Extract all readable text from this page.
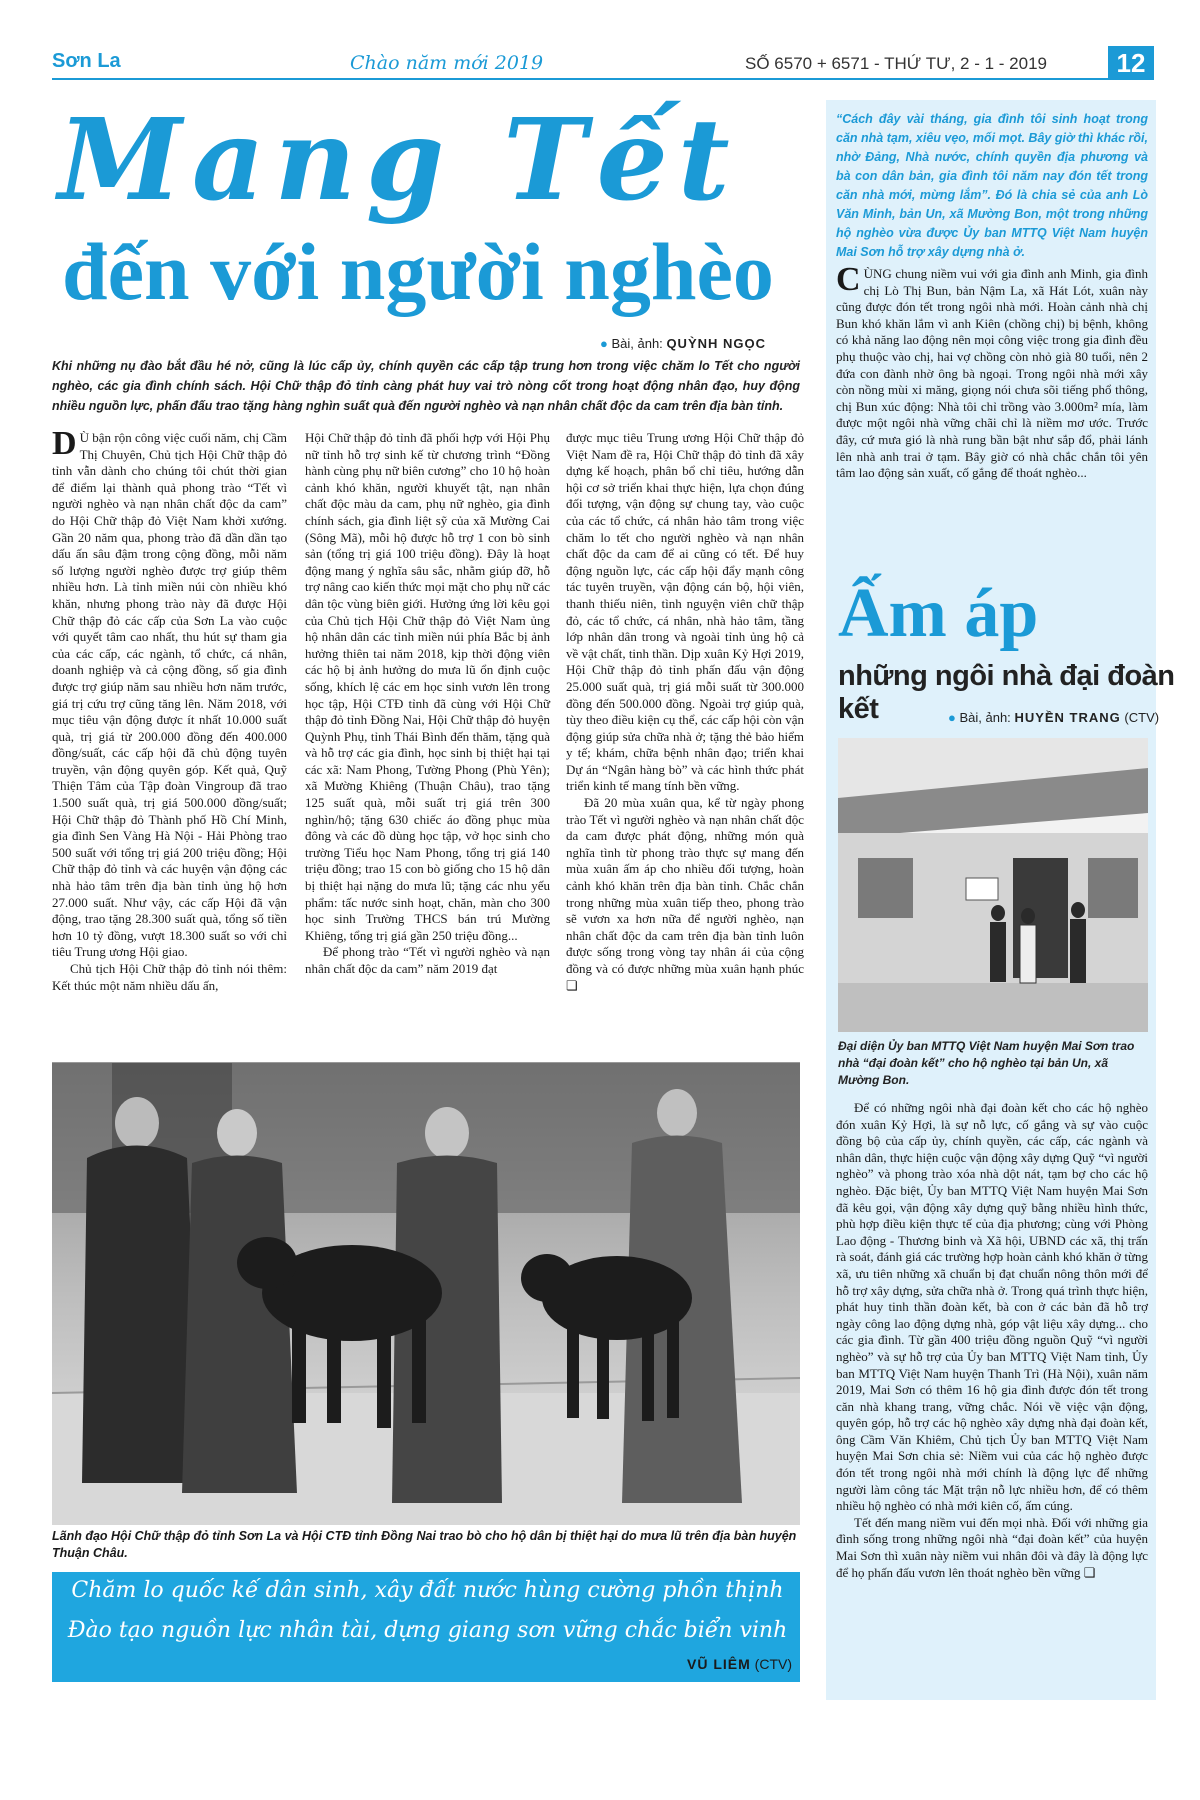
Sơn La	Chào năm mới 2019	SỐ 6570 + 6571 - THỨ TƯ, 2 - 1 - 2019	12
Mang Tết
đến với người nghèo
● Bài, ảnh: QUỲNH NGỌC
Khi những nụ đào bắt đầu hé nở, cũng là lúc cấp ủy, chính quyền các cấp tập trung hơn trong việc chăm lo Tết cho người nghèo, các gia đình chính sách. Hội Chữ thập đỏ tỉnh càng phát huy vai trò nòng cốt trong hoạt động nhân đạo, huy động nhiều nguồn lực, phấn đấu trao tặng hàng nghìn suất quà đến người nghèo và nạn nhân chất độc da cam trên địa bàn tỉnh.

D Ù bận rộn công việc cuối năm, chị Cầm Thị Chuyên, Chủ tịch Hội Chữ thập đỏ tỉnh vẫn dành cho chúng tôi chút thời gian để điểm lại thành quả phong trào “Tết vì người nghèo và nạn nhân chất độc da cam” do Hội Chữ thập đỏ Việt Nam khởi xướng. Gần 20 năm qua, phong trào đã dần dần tạo dấu ấn sâu đậm trong cộng đồng, mỗi năm số lượng người nghèo được trợ giúp thêm nhiều hơn. Là tỉnh miền núi còn nhiều khó khăn, nhưng phong trào này đã được Hội Chữ thập đỏ các cấp của Sơn La vào cuộc với quyết tâm cao nhất, thu hút sự tham gia của các cấp, các ngành, tổ chức, cá nhân, doanh nghiệp và cả cộng đồng, số gia đình được trợ giúp năm sau nhiều hơn năm trước, giá trị cứu trợ cũng tăng lên. Năm 2018, với mục tiêu vận động được ít nhất 10.000 suất quà, trị giá từ 200.000 đồng đến 400.000 đồng/suất, các cấp hội đã chủ động tuyên truyền, vận động quyên góp. Kết quả, Quỹ Thiện Tâm của Tập đoàn Vingroup đã trao 1.500 suất quà, trị giá 500.000 đồng/suất; Hội Chữ thập đỏ Thành phố Hồ Chí Minh, gia đình Sen Vàng Hà Nội - Hải Phòng trao 500 suất với tổng trị giá 200 triệu đồng; Hội Chữ thập đỏ tỉnh và các huyện vận động các nhà hảo tâm trên địa bàn tỉnh ủng hộ hơn 27.000 suất. Như vậy, các cấp Hội đã vận động, trao tặng 28.300 suất quà, tổng số tiền hơn 10 tỷ đồng, vượt 18.300 suất so với chỉ tiêu Trung ương Hội giao.

Chủ tịch Hội Chữ thập đỏ tỉnh nói thêm: Kết thúc một năm nhiều dấu ấn,

Hội Chữ thập đỏ tỉnh đã phối hợp với Hội Phụ nữ tỉnh hỗ trợ sinh kế từ chương trình “Đồng hành cùng phụ nữ biên cương” cho 10 hộ hoàn cảnh khó khăn, người khuyết tật, nạn nhân chất độc màu da cam, phụ nữ nghèo, gia đình chính sách, gia đình liệt sỹ của xã Mường Cai (Sông Mã), mỗi hộ được hỗ trợ 1 con bò sinh sản (tổng trị giá 100 triệu đồng). Đây là hoạt động mang ý nghĩa sâu sắc, nhằm giúp đỡ, hỗ trợ nâng cao kiến thức mọi mặt cho phụ nữ các dân tộc vùng biên giới. Hưởng ứng lời kêu gọi của Chủ tịch Hội Chữ thập đỏ Việt Nam ủng hộ nhân dân các tỉnh miền núi phía Bắc bị ảnh hưởng thiên tai năm 2018, kịp thời động viên các hộ bị ảnh hưởng do mưa lũ ổn định cuộc sống, khích lệ các em học sinh vươn lên trong học tập, Hội CTĐ tỉnh đã cùng với Hội Chữ thập đỏ tỉnh Đồng Nai, Hội Chữ thập đỏ huyện Quỳnh Phụ, tỉnh Thái Bình đến thăm, tặng quà và hỗ trợ các gia đình, học sinh bị thiệt hại tại các xã: Nam Phong, Tường Phong (Phù Yên); xã Mường Khiêng (Thuận Châu), trao tặng 125 suất quà, mỗi suất trị giá trên 300 nghìn/hộ; tặng 630 chiếc áo đồng phục mùa đông và các đồ dùng học tập, vở học sinh cho trường Tiểu học Nam Phong, tổng trị giá 140 triệu đồng; trao 15 con bò giống cho 15 hộ dân bị thiệt hại nặng do mưa lũ; tặng các nhu yếu phẩm: tấc nước sinh hoạt, chăn, màn cho 300 học sinh Trường THCS bán trú Mường Khiêng, tổng trị giá gần 250 triệu đồng...

Để phong trào “Tết vì người nghèo và nạn nhân chất độc da cam” năm 2019 đạt

được mục tiêu Trung ương Hội Chữ thập đỏ Việt Nam đề ra, Hội Chữ thập đỏ tỉnh đã xây dựng kế hoạch, phân bổ chỉ tiêu, hướng dẫn hội cơ sở triển khai thực hiện, lựa chọn đúng đối tượng, vận động sự chung tay, vào cuộc của các tổ chức, cá nhân hảo tâm trong việc chăm lo tết cho người nghèo và nạn nhân chất độc da cam để ai cũng có tết. Để huy động nguồn lực, các cấp hội đẩy mạnh công tác tuyên truyền, vận động cán bộ, hội viên, thanh thiếu niên, tình nguyện viên chữ thập đỏ, các tổ chức, cá nhân, nhà hảo tâm, tầng lớp nhân dân trong và ngoài tỉnh ủng hộ cả về vật chất, tinh thần. Dịp xuân Kỷ Hợi 2019, Hội Chữ thập đỏ tỉnh phấn đấu vận động 25.000 suất quà, trị giá mỗi suất từ 300.000 đồng đến 500.000 đồng. Ngoài trợ giúp quà, tùy theo điều kiện cụ thể, các cấp hội còn vận động giúp sửa chữa nhà ở; tặng thẻ bảo hiểm y tế; khám, chữa bệnh nhân đạo; triển khai Dự án “Ngân hàng bò” và các hình thức phát triển kinh tế mang tính bền vững.

Đã 20 mùa xuân qua, kể từ ngày phong trào Tết vì người nghèo và nạn nhân chất độc da cam được phát động, những món quà nghĩa tình từ phong trào thực sự mang đến mùa xuân ấm áp cho nhiều đối tượng, hoàn cảnh khó khăn trên địa bàn tỉnh. Chắc chắn trong những mùa xuân tiếp theo, phong trào sẽ vươn xa hơn nữa để người nghèo, nạn nhân chất độc da cam trên địa bàn tỉnh luôn được sống trong vòng tay nhân ái của cộng đồng và có được những mùa xuân hạnh phúc ❏

Lãnh đạo Hội Chữ thập đỏ tỉnh Sơn La và Hội CTĐ tỉnh Đồng Nai trao bò cho hộ dân bị thiệt hại do mưa lũ trên địa bàn huyện Thuận Châu.
Chăm lo quốc kế dân sinh, xây đất nước hùng cường phồn thịnh
Đào tạo nguồn lực nhân tài, dựng giang sơn vững chắc biển vinh
VŨ LIÊM (CTV)
“Cách đây vài tháng, gia đình tôi sinh hoạt trong căn nhà tạm, xiêu vẹo, mối mọt. Bây giờ thì khác rồi, nhờ Đảng, Nhà nước, chính quyền địa phương và bà con dân bản, gia đình tôi năm nay đón tết trong căn nhà mới, mừng lắm”. Đó là chia sẻ của anh Lò Văn Minh, bản Un, xã Mường Bon, một trong những hộ nghèo vừa được Ủy ban MTTQ Việt Nam huyện Mai Sơn hỗ trợ xây dựng nhà ở.

CÙNG chung niềm vui với gia đình anh Minh, gia đình chị Lò Thị Bun, bản Nậm La, xã Hát Lót, xuân này cũng được đón tết trong ngôi nhà mới. Hoàn cảnh nhà chị Bun khó khăn lắm vì anh Kiên (chồng chị) bị bệnh, không có khả năng lao động nên mọi công việc trong gia đình đều phụ thuộc vào chị, hai vợ chồng còn nhỏ già 80 tuổi, nên 2 đứa con đành nhờ ông bà ngoại. Trong ngôi nhà mới xây còn nồng mùi xi măng, giọng nói chưa sõi tiếng phổ thông, chị Bun xúc động: Nhà tôi chỉ trồng vào 3.000m² mía, làm được một ngôi nhà vững chãi chỉ là niềm mơ ước. Trước đây, cứ mưa gió là nhà rung bần bật như sắp đổ, phải lánh lên nhà anh trai ở tạm. Bây giờ có nhà chắc chắn tôi yên tâm lao động sản xuất, cố gắng để thoát nghèo...

Ấm áp
những ngôi nhà đại đoàn kết	● Bài, ảnh: HUYỀN TRANG (CTV)
Đại diện Ủy ban MTTQ Việt Nam huyện Mai Sơn trao nhà “đại đoàn kết” cho hộ nghèo tại bản Un, xã Mường Bon.

Để có những ngôi nhà đại đoàn kết cho các hộ nghèo đón xuân Kỷ Hợi, là sự nỗ lực, cố gắng và sự vào cuộc đồng bộ của cấp ủy, chính quyền, các cấp, các ngành và nhân dân, thực hiện cuộc vận động xây dựng Quỹ “vì người nghèo” và phong trào xóa nhà dột nát, tạm bợ cho các hộ nghèo. Đặc biệt, Ủy ban MTTQ Việt Nam huyện Mai Sơn đã kêu gọi, vận động xây dựng quỹ bằng nhiều hình thức, phù hợp điều kiện thực tế của địa phương; cùng với Phòng Lao động - Thương binh và Xã hội, UBND các xã, thị trấn rà soát, đánh giá các trường hợp hoàn cảnh khó khăn ở từng xã, ưu tiên những xã chuẩn bị đạt chuẩn nông thôn mới để hỗ trợ xây dựng, sửa chữa nhà ở. Trong quá trình thực hiện, phát huy tinh thần đoàn kết, bà con ở các bản đã hỗ trợ ngày công lao động dựng nhà, góp vật liệu xây dựng... cho các gia đình. Từ gần 400 triệu đồng nguồn Quỹ “vì người nghèo” và sự hỗ trợ của Ủy ban MTTQ Việt Nam tỉnh, Ủy ban MTTQ Việt Nam huyện Thanh Trì (Hà Nội), xuân năm 2019, Mai Sơn có thêm 16 hộ gia đình được đón tết trong căn nhà khang trang, vững chắc. Nói về việc vận động, quyên góp, hỗ trợ các hộ nghèo xây dựng nhà đại đoàn kết, ông Cầm Văn Khiêm, Chủ tịch Ủy ban MTTQ Việt Nam huyện Mai Sơn chia sẻ: Niềm vui của các hộ nghèo được đón tết trong ngôi nhà mới chính là động lực để những người làm công tác Mặt trận nỗ lực nhiều hơn, để có thêm nhiều hộ nghèo có nhà mới kiên cố, ấm cúng.

Tết đến mang niềm vui đến mọi nhà. Đối với những gia đình sống trong những ngôi nhà “đại đoàn kết” của huyện Mai Sơn thì xuân này niềm vui nhân đôi và đây là động lực để họ phấn đấu vươn lên thoát nghèo bền vững ❏
